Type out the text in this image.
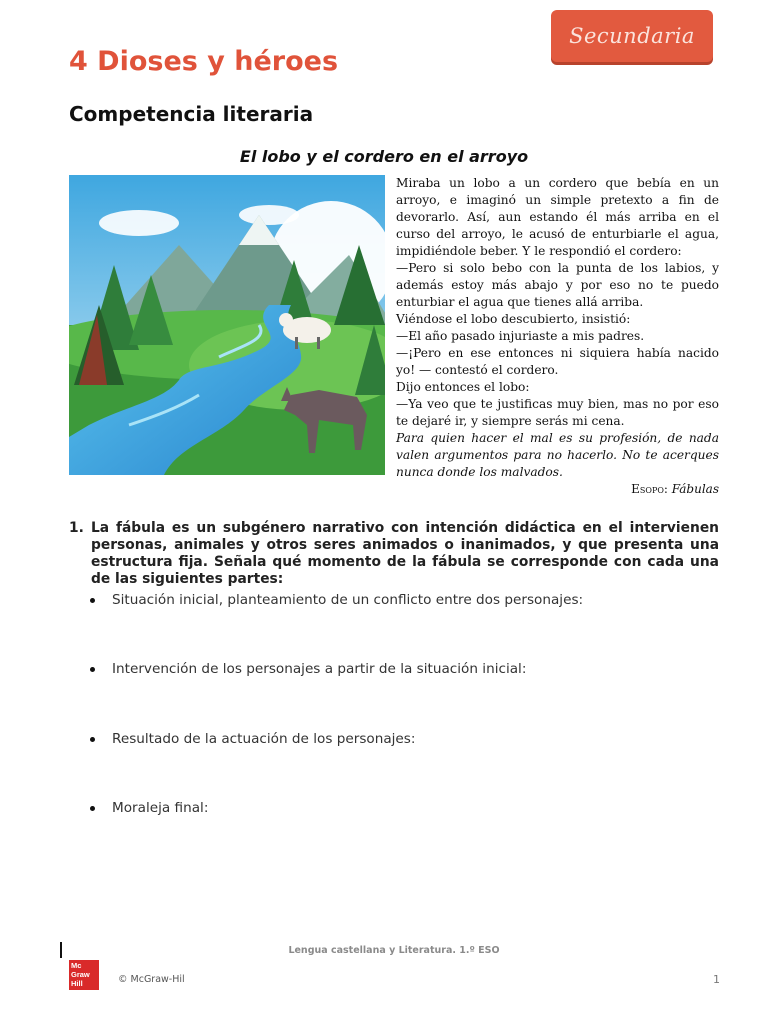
Secundaria
4 Dioses y héroes
Competencia literaria
El lobo y el cordero en el arroyo

Miraba un lobo a un cordero que bebía en un arroyo, e imaginó un simple pretexto a fin de devorarlo. Así, aun estando él más arriba en el curso del arroyo, le acusó de enturbiarle el agua, impidiéndole beber. Y le respondió el cordero:

—Pero si solo bebo con la punta de los labios, y además estoy más abajo y por eso no te puedo enturbiar el agua que tienes allá arriba.

Viéndose el lobo descubierto, insistió:

—El año pasado injuriaste a mis padres.

—¡Pero en ese entonces ni siquiera había nacido yo! — contestó el cordero.

Dijo entonces el lobo:

—Ya veo que te justificas muy bien, mas no por eso te dejaré ir, y siempre serás mi cena.

Para quien hacer el mal es su profesión, de nada valen argumentos para no hacerlo. No te acerques nunca donde los malvados.

Esopo: Fábulas

1. La fábula es un subgénero narrativo con intención didáctica en el intervienen personas, animales y otros seres animados o inanimados, y que presenta una estructura fija. Señala qué momento de la fábula se corresponde con cada una de las siguientes partes:
Situación inicial, planteamiento de un conflicto entre dos personajes:
Intervención de los personajes a partir de la situación inicial:
Resultado de la actuación de los personajes:
Moraleja final:
Lengua castellana y Literatura. 1.º ESO
Mc
Graw
Hill	© McGraw-Hil	1
